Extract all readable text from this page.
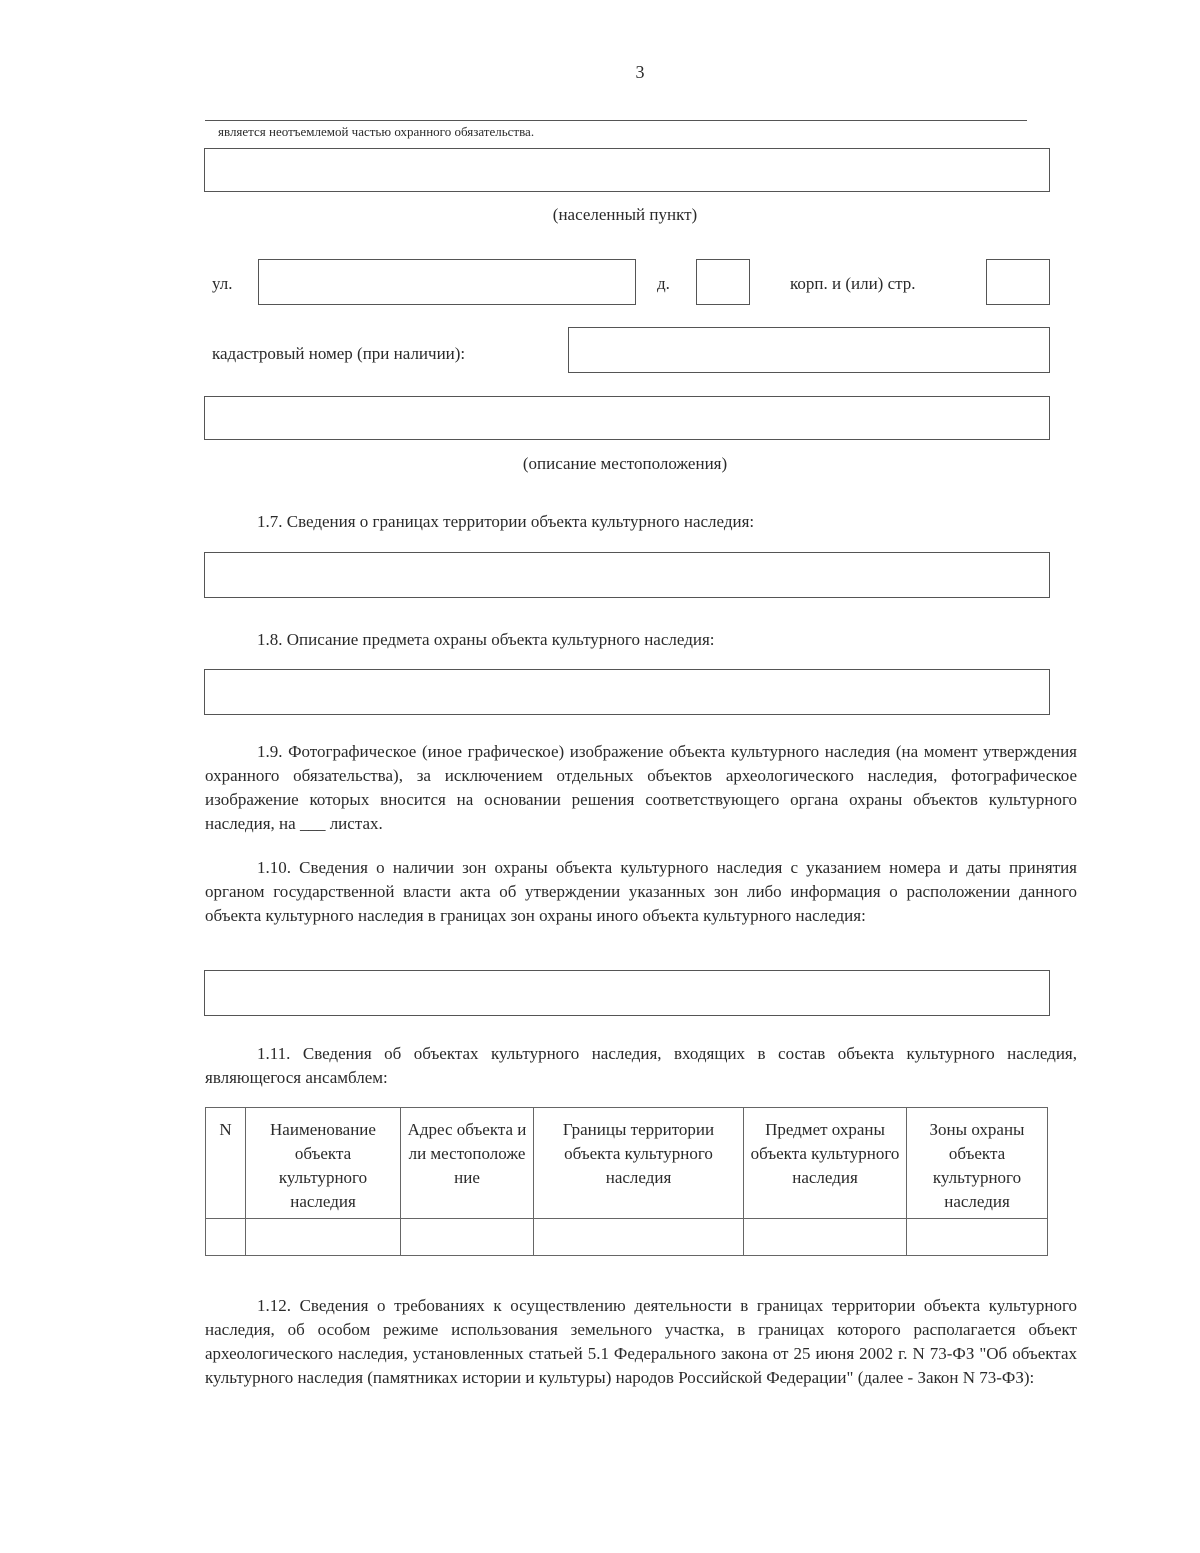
3
является неотъемлемой частью охранного обязательства.
(населенный пункт)
ул.	д.	корп. и (или) стр.
кадастровый номер (при наличии):
(описание местоположения)
1.7. Сведения о границах территории объекта культурного наследия:
1.8. Описание предмета охраны объекта культурного наследия:
1.9. Фотографическое (иное графическое) изображение объекта культурного наследия (на момент утверждения охранного обязательства), за исключением отдельных объектов археологического наследия, фотографическое изображение которых вносится на основании решения соответствующего органа охраны объектов культурного наследия, на ___ листах.
1.10. Сведения о наличии зон охраны объекта культурного наследия с указанием номера и даты принятия органом государственной власти акта об утверждении указанных зон либо информация о расположении данного объекта культурного наследия в границах зон охраны иного объекта культурного наследия:
1.11. Сведения об объектах культурного наследия, входящих в состав объекта культурного наследия, являющегося ансамблем:
N	Наименование объекта культурного наследия	Адрес объекта или местоположение	Границы территории объекта культурного наследия	Предмет охраны объекта культурного наследия	Зоны охраны объекта культурного наследия

1.12. Сведения о требованиях к осуществлению деятельности в границах территории объекта культурного наследия, об особом режиме использования земельного участка, в границах которого располагается объект археологического наследия, установленных статьей 5.1 Федерального закона от 25 июня 2002 г. N 73-ФЗ "Об объектах культурного наследия (памятниках истории и культуры) народов Российской Федерации" (далее - Закон N 73-ФЗ):
